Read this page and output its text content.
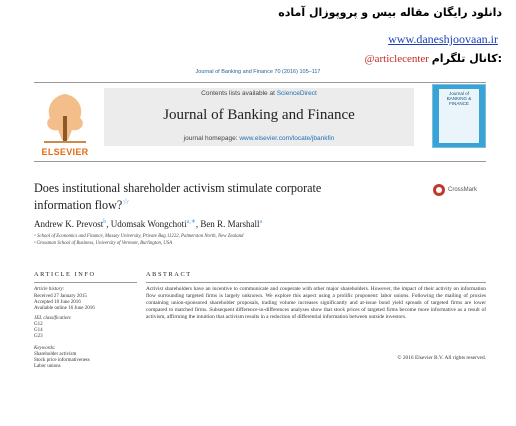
دانلود رایگان مقاله بیس و پروپوزال آماده
www.daneshjoovaan.ir
@articlecenter کانال تلگرام:
Journal of Banking and Finance 70 (2016) 105–117
ELSEVIER
Contents lists available at ScienceDirect
Journal of Banking and Finance
journal homepage: www.elsevier.com/locate/jbankfin
Journal of BANKING & FINANCE
Does institutional shareholder activism stimulate corporate
information flow?☆
CrossMark
Andrew K. Prevost$^b$, Udomsak Wongchoti$^{a,∗}$, Ben R. Marshall$^a$
ᵃ School of Economics and Finance, Massey University, Private Bag 11222, Palmerston North, New Zealand
ᵇ Grossman School of Business, University of Vermont, Burlington, USA
ARTICLE INFO	ABSTRACT
Article history:
Received 27 January 2015
Accepted 10 June 2016
Available online 16 June 2016
JEL classification:
G12
G14
G23
Keywords:
Shareholder activism
Stock price informativeness
Labor unions
Activist shareholders have an incentive to communicate and cooperate with other major shareholders. However, the impact of their activity on information flow surrounding targeted firms is largely unknown. We explore this aspect using a prolific proponent: labor unions. Following the mailing of proxies containing union-sponsored shareholder proposals, trading volume increases significantly and at-issue bond yield spreads of targeted firms are lower compared to matched firms. Subsequent difference-in-differences analyses show that stock prices of targeted firms become more informative as a result of activism, affirming the intuition that activism results in a reduction of differential information between outside investors.
© 2016 Elsevier B.V. All rights reserved.
